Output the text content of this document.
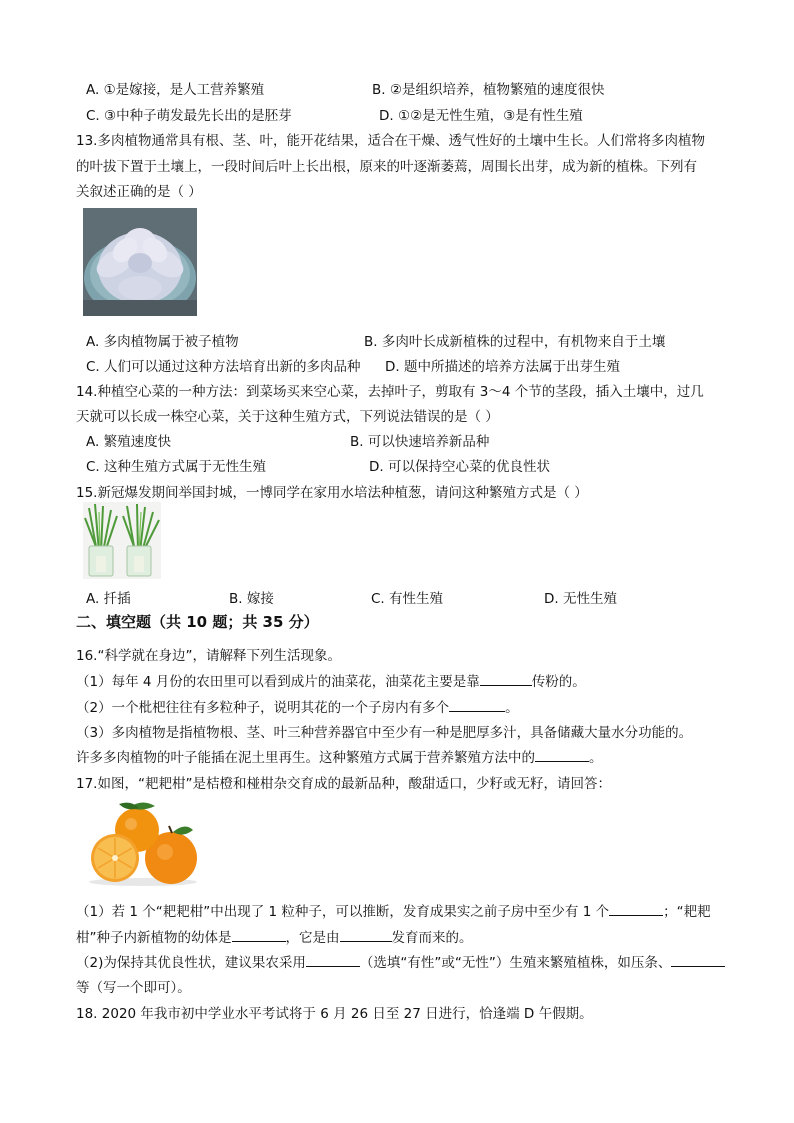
A. ①是嫁接，是人工营养繁殖	B. ②是组织培养，植物繁殖的速度很快
C. ③中种子萌发最先长出的是胚芽	D. ①②是无性生殖，③是有性生殖
13.多肉植物通常具有根、茎、叶，能开花结果，适合在干燥、透气性好的土壤中生长。人们常将多肉植物
的叶拔下置于土壤上，一段时间后叶上长出根，原来的叶逐渐萎蔫，周围长出芽，成为新的植株。下列有
关叙述正确的是（ ）
A. 多肉植物属于被子植物	B. 多肉叶长成新植株的过程中，有机物来自于土壤
C. 人们可以通过这种方法培育出新的多肉品种 D. 题中所描述的培养方法属于出芽生殖
14.种植空心菜的一种方法：到菜场买来空心菜，去掉叶子，剪取有 3～4 个节的茎段，插入土壤中，过几
天就可以长成一株空心菜，关于这种生殖方式，下列说法错误的是（ ）
A. 繁殖速度快	B. 可以快速培养新品种
C. 这种生殖方式属于无性生殖	D. 可以保持空心菜的优良性状
15.新冠爆发期间举国封城，一博同学在家用水培法种植葱，请问这种繁殖方式是（ ）
A. 扦插	B. 嫁接	C. 有性生殖	D. 无性生殖
二、填空题（共 10 题；共 35 分）
16.“科学就在身边”，请解释下列生活现象。
（1）每年 4 月份的农田里可以看到成片的油菜花，油菜花主要是靠	传粉的。
（2）一个枇杷往往有多粒种子，说明其花的一个子房内有多个	。
（3）多肉植物是指植物根、茎、叶三种营养器官中至少有一种是肥厚多汁，具备储藏大量水分功能的。
许多多肉植物的叶子能插在泥土里再生。这种繁殖方式属于营养繁殖方法中的	。
17.如图，“耙耙柑”是桔橙和椪柑杂交育成的最新品种，酸甜适口，少籽或无籽，请回答：
（1）若 1 个“耙耙柑”中出现了 1 粒种子，可以推断，发育成果实之前子房中至少有 1 个	；“耙耙
柑”种子内新植物的幼体是	，它是由	发育而来的。
（2)为保持其优良性状，建议果农采用	（选填“有性”或“无性”）生殖来繁殖植株，如压条、
等（写一个即可）。
18. 2020 年我市初中学业水平考试将于 6 月 26 日至 27 日进行，恰逢端 D 午假期。
